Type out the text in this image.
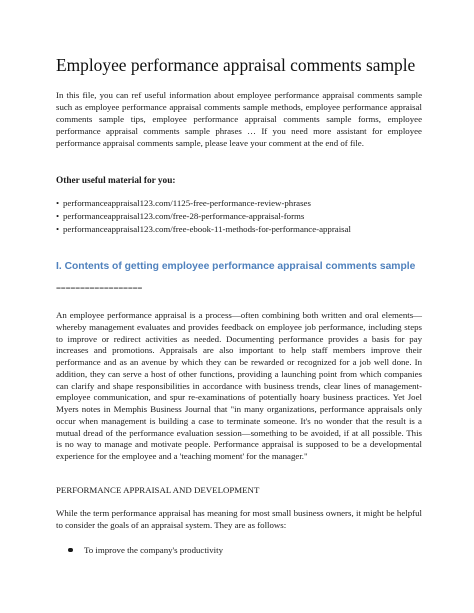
Employee performance appraisal comments sample
In this file, you can ref useful information about employee performance appraisal comments sample such as employee performance appraisal comments sample methods, employee performance appraisal comments sample tips, employee performance appraisal comments sample forms, employee performance appraisal comments sample phrases … If you need more assistant for employee performance appraisal comments sample, please leave your comment at the end of file.
Other useful material for you:
• performanceappraisal123.com/1125-free-performance-review-phrases
• performanceappraisal123.com/free-28-performance-appraisal-forms
• performanceappraisal123.com/free-ebook-11-methods-for-performance-appraisal
I. Contents of getting employee performance appraisal comments sample
==================
An employee performance appraisal is a process—often combining both written and oral elements—whereby management evaluates and provides feedback on employee job performance, including steps to improve or redirect activities as needed. Documenting performance provides a basis for pay increases and promotions. Appraisals are also important to help staff members improve their performance and as an avenue by which they can be rewarded or recognized for a job well done. In addition, they can serve a host of other functions, providing a launching point from which companies can clarify and shape responsibilities in accordance with business trends, clear lines of management-employee communication, and spur re-examinations of potentially hoary business practices. Yet Joel Myers notes in Memphis Business Journal that "in many organizations, performance appraisals only occur when management is building a case to terminate someone. It's no wonder that the result is a mutual dread of the performance evaluation session—something to be avoided, if at all possible. This is no way to manage and motivate people. Performance appraisal is supposed to be a developmental experience for the employee and a 'teaching moment' for the manager."
PERFORMANCE APPRAISAL AND DEVELOPMENT
While the term performance appraisal has meaning for most small business owners, it might be helpful to consider the goals of an appraisal system. They are as follows:
To improve the company's productivity
